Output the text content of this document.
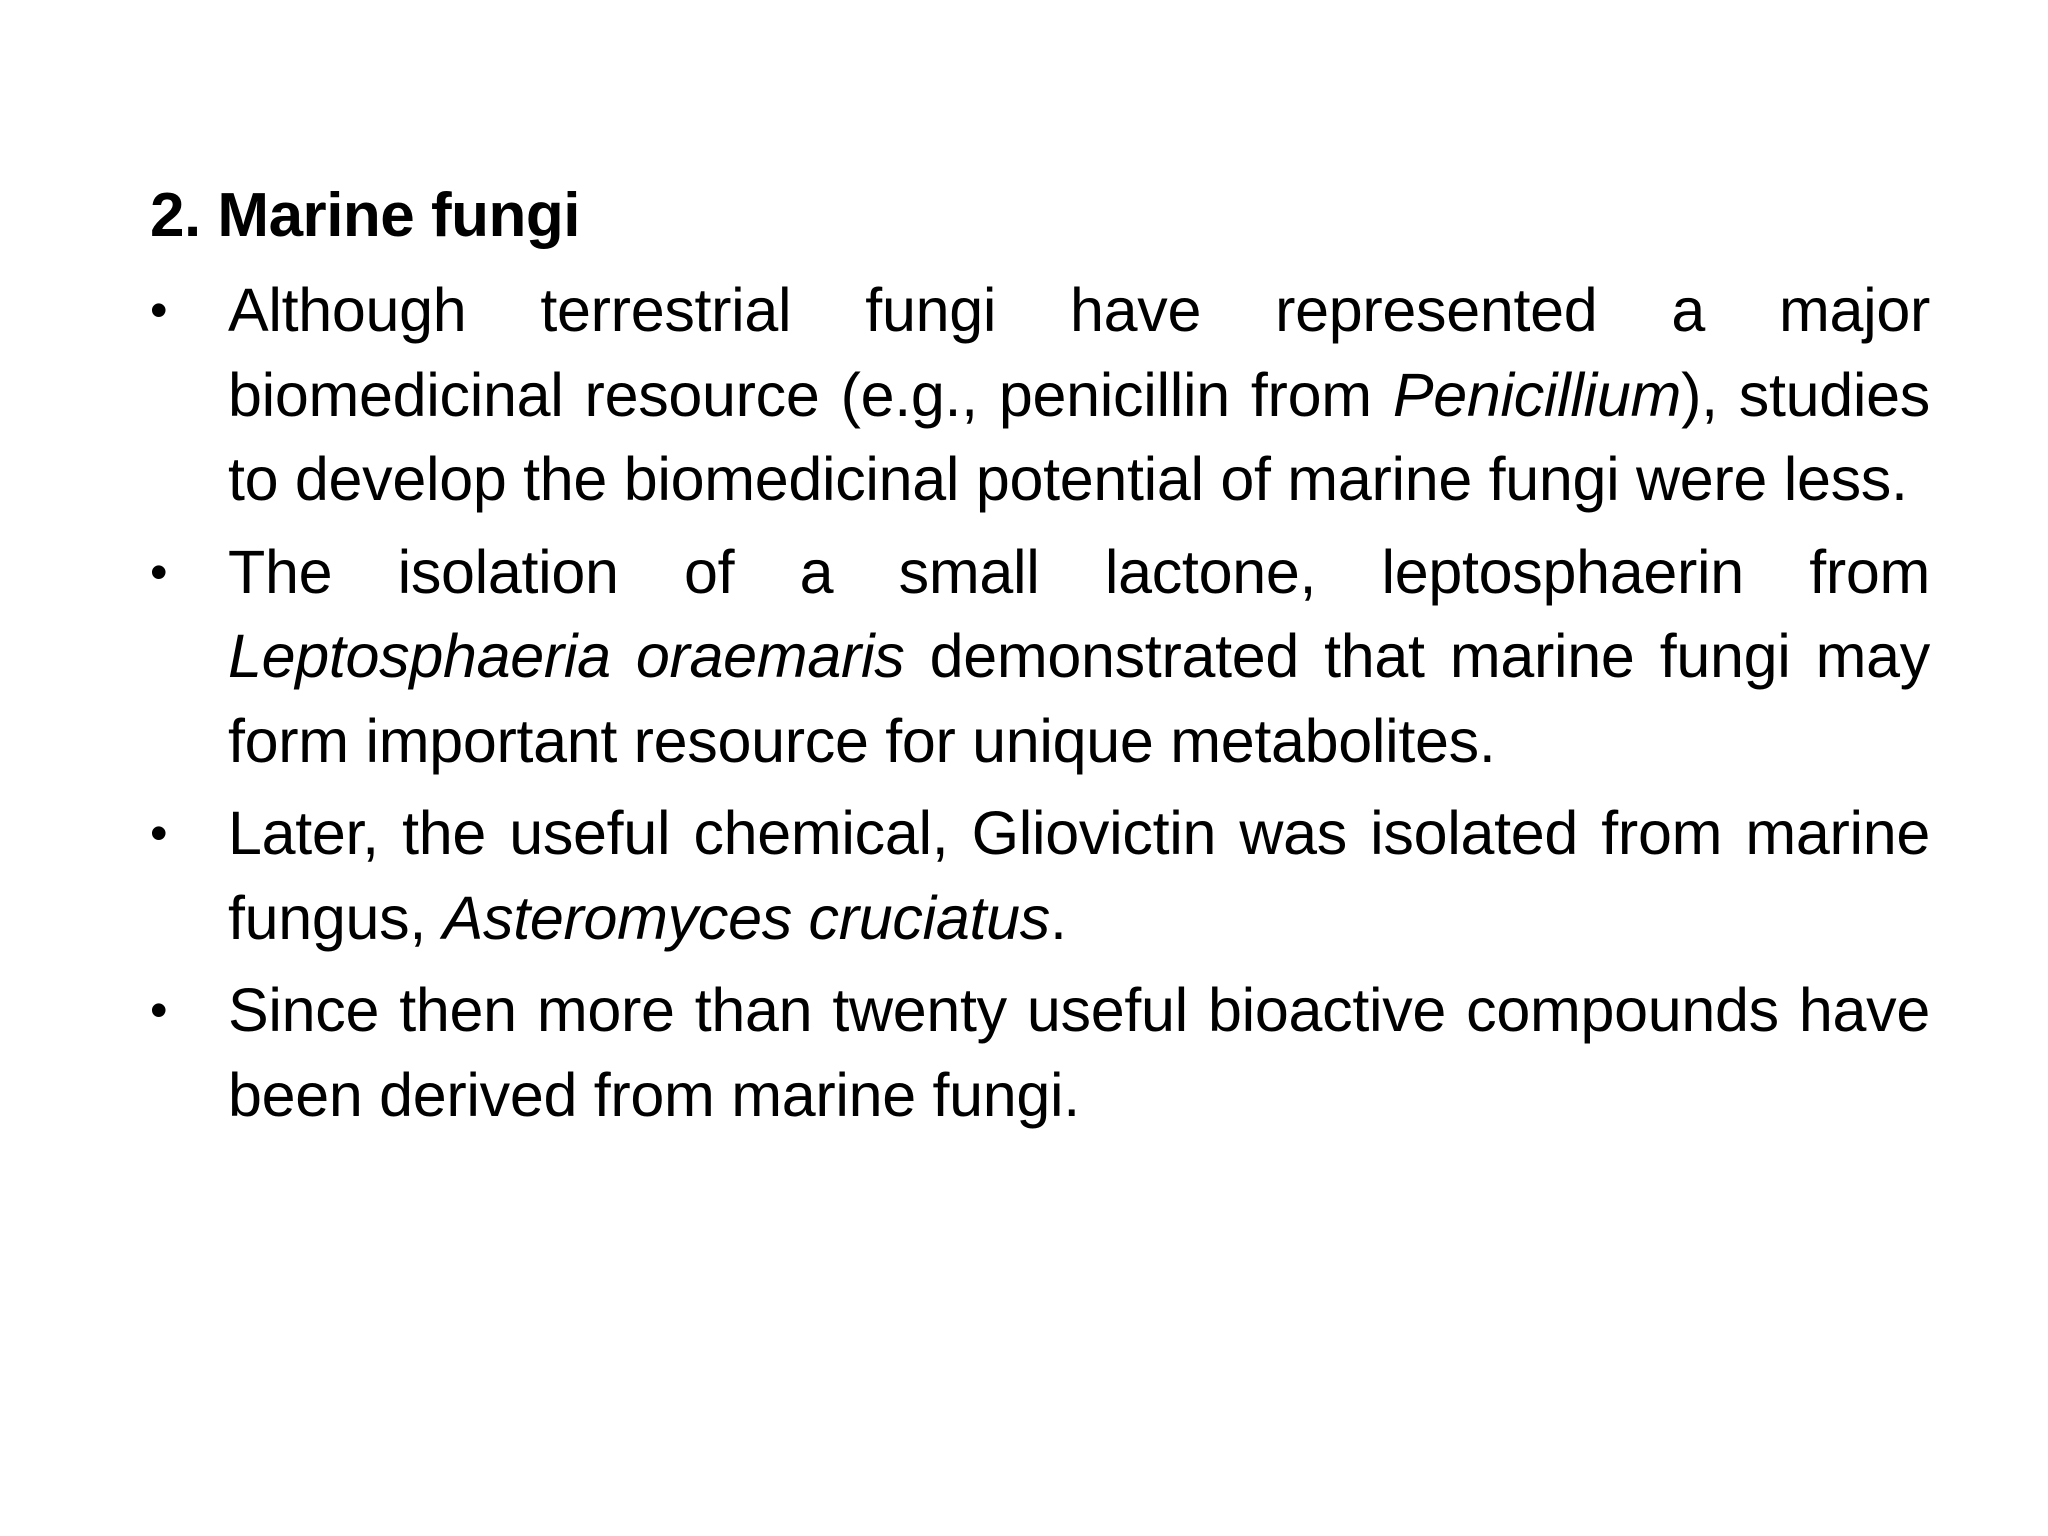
2. Marine fungi
• Although terrestrial fungi have represented a major biomedicinal resource (e.g., penicillin from Penicillium), studies to develop the biomedicinal potential of marine fungi were less.
• The isolation of a small lactone, leptosphaerin from Leptosphaeria oraemaris demonstrated that marine fungi may form important resource for unique metabolites.
• Later, the useful chemical, Gliovictin was isolated from marine fungus, Asteromyces cruciatus.
• Since then more than twenty useful bioactive compounds have been derived from marine fungi.
